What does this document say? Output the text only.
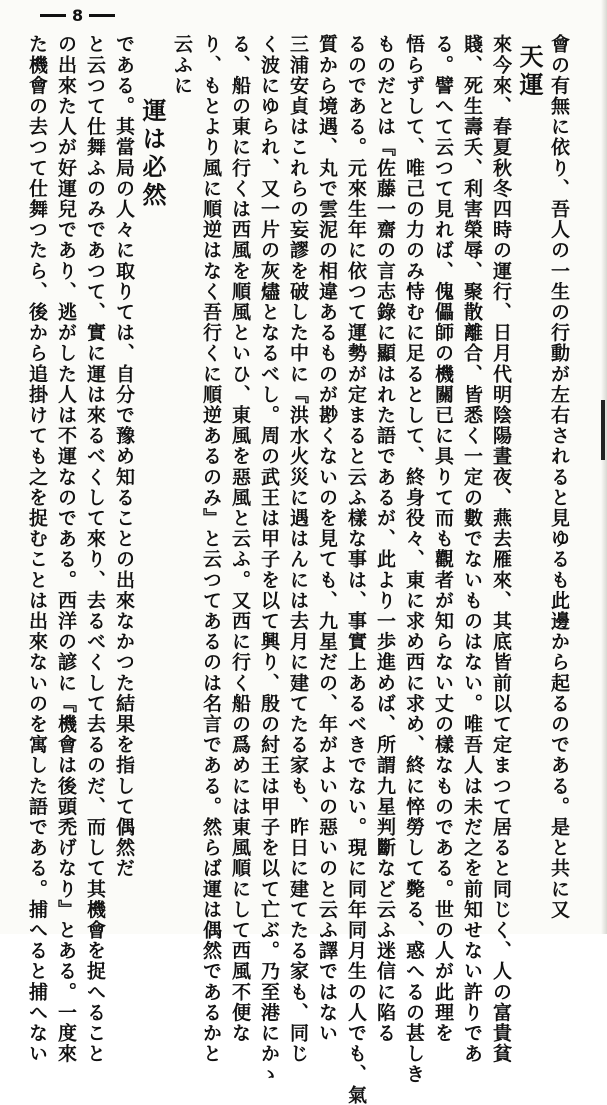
8
會の有無に依り、吾人の一生の行動が左右されると見ゆるも此邊から起るのである。是と共に又
天運
來今來、春夏秋冬四時の運行、日月代明陰陽晝夜、燕去雁來、其底皆前以て定まつて居ると同じく、人の富貴貧
賤、死生壽夭、利害榮辱、聚散離合、皆悉く一定の數でないものはない。唯吾人は未だ之を前知せない許りであ
る。譬へて云つて見れば、傀儡師の機關已に具りて而も觀者が知らない丈の樣なものである。世の人が此理を
悟らずして、唯己の力のみ恃むに足るとして、終身役々、東に求め西に求め、終に悴勞して斃る、惑へるの甚しき
ものだとは『佐藤一齋の言志錄に顯はれた語であるが、此より一歩進めば、所謂九星判斷など云ふ迷信に陷る
るのである。元來生年に依つて運勢が定まると云ふ樣な事は、事實上あるべきでない。現に同年同月生の人でも、氣
質から境遇、丸で雲泥の相違あるものが尠くないのを見ても、九星だの、年がよいの惡いのと云ふ譯ではない
三浦安貞はこれらの妄謬を破した中に『洪水火災に遇はんには去月に建てたる家も、昨日に建てたる家も、同じ
く波にゆられ、又一片の灰燼となるべし。周の武王は甲子を以て興り、殷の紂王は甲子を以て亡ぶ。乃至港にかゝ
る、船の東に行くは西風を順風といひ、東風を惡風と云ふ。又西に行く船の爲めには東風順にして西風不便な
り、もとより風に順逆はなく吾行くに順逆あるのみ』と云つてあるのは名言である。然らば運は偶然であるかと
云ふに
運は必然
である。其當局の人々に取りては、自分で豫め知ることの出來なかつた結果を指して偶然だ
と云つて仕舞ふのみであつて、實に運は來るべくして來り、去るべくして去るのだ、而して其機會を捉へること
の出來た人が好運兒であり、逃がした人は不運なのである。西洋の諺に『機會は後頭禿げなり』とある。一度來
た機會の去つて仕舞つたら、後から追掛けても之を捉むことは出來ないのを寓した語である。捕へると捕へない
